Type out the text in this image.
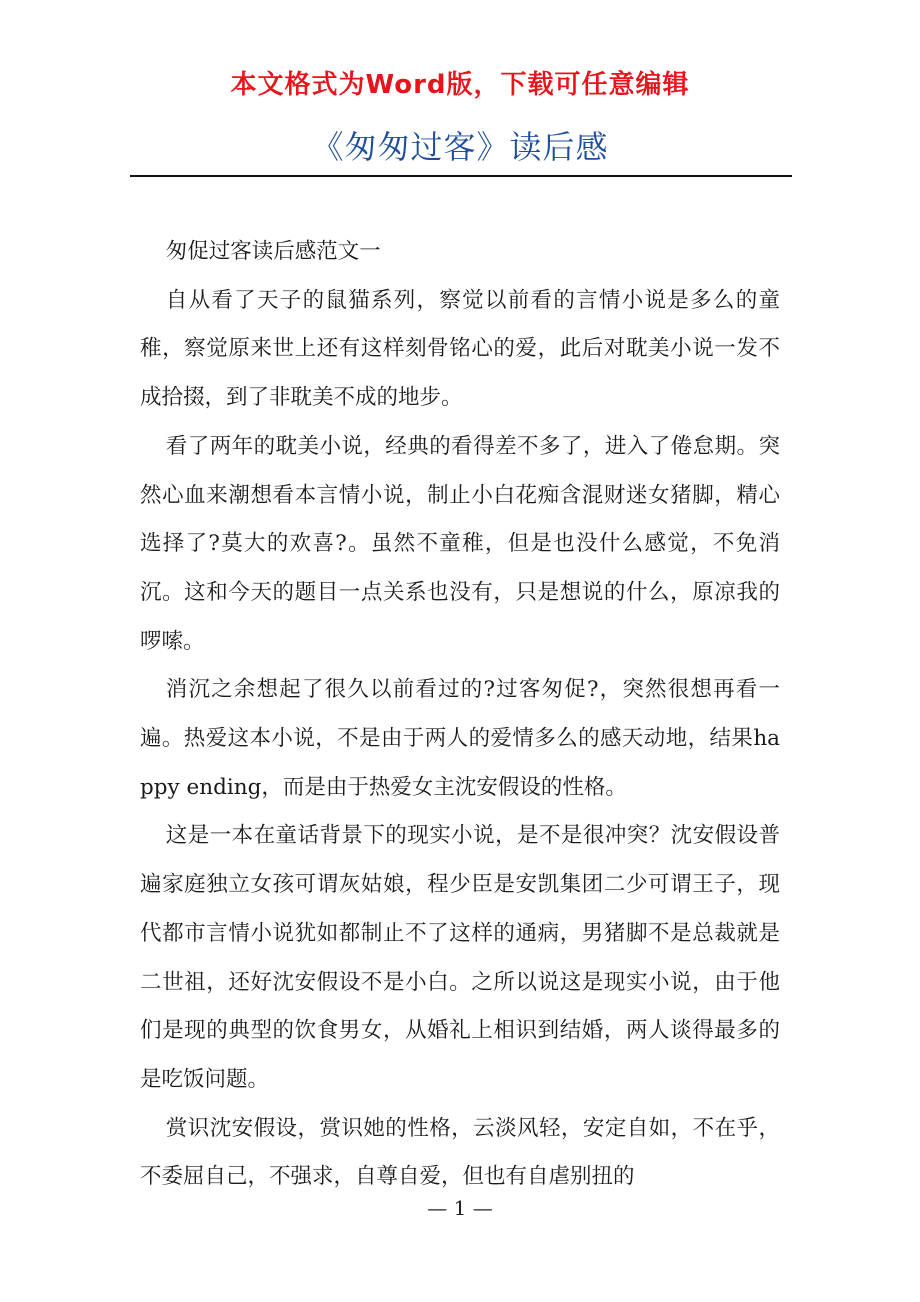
本文格式为Word版，下载可任意编辑
《匆匆过客》读后感

匆促过客读后感范文一

自从看了天子的鼠猫系列，察觉以前看的言情小说是多么的童稚，察觉原来世上还有这样刻骨铭心的爱，此后对耽美小说一发不成拾掇，到了非耽美不成的地步。

看了两年的耽美小说，经典的看得差不多了，进入了倦怠期。突然心血来潮想看本言情小说，制止小白花痴含混财迷女猪脚，精心选择了?莫大的欢喜?。虽然不童稚，但是也没什么感觉，不免消沉。这和今天的题目一点关系也没有，只是想说的什么，原凉我的啰嗦。

消沉之余想起了很久以前看过的?过客匆促?，突然很想再看一遍。热爱这本小说，不是由于两人的爱情多么的感天动地，结果happy ending，而是由于热爱女主沈安假设的性格。

这是一本在童话背景下的现实小说，是不是很冲突？沈安假设普遍家庭独立女孩可谓灰姑娘，程少臣是安凯集团二少可谓王子，现代都市言情小说犹如都制止不了这样的通病，男猪脚不是总裁就是二世祖，还好沈安假设不是小白。之所以说这是现实小说，由于他们是现的典型的饮食男女，从婚礼上相识到结婚，两人谈得最多的是吃饭问题。

赏识沈安假设，赏识她的性格，云淡风轻，安定自如，不在乎，不委屈自己，不强求，自尊自爱，但也有自虐别扭的

— 1 —
